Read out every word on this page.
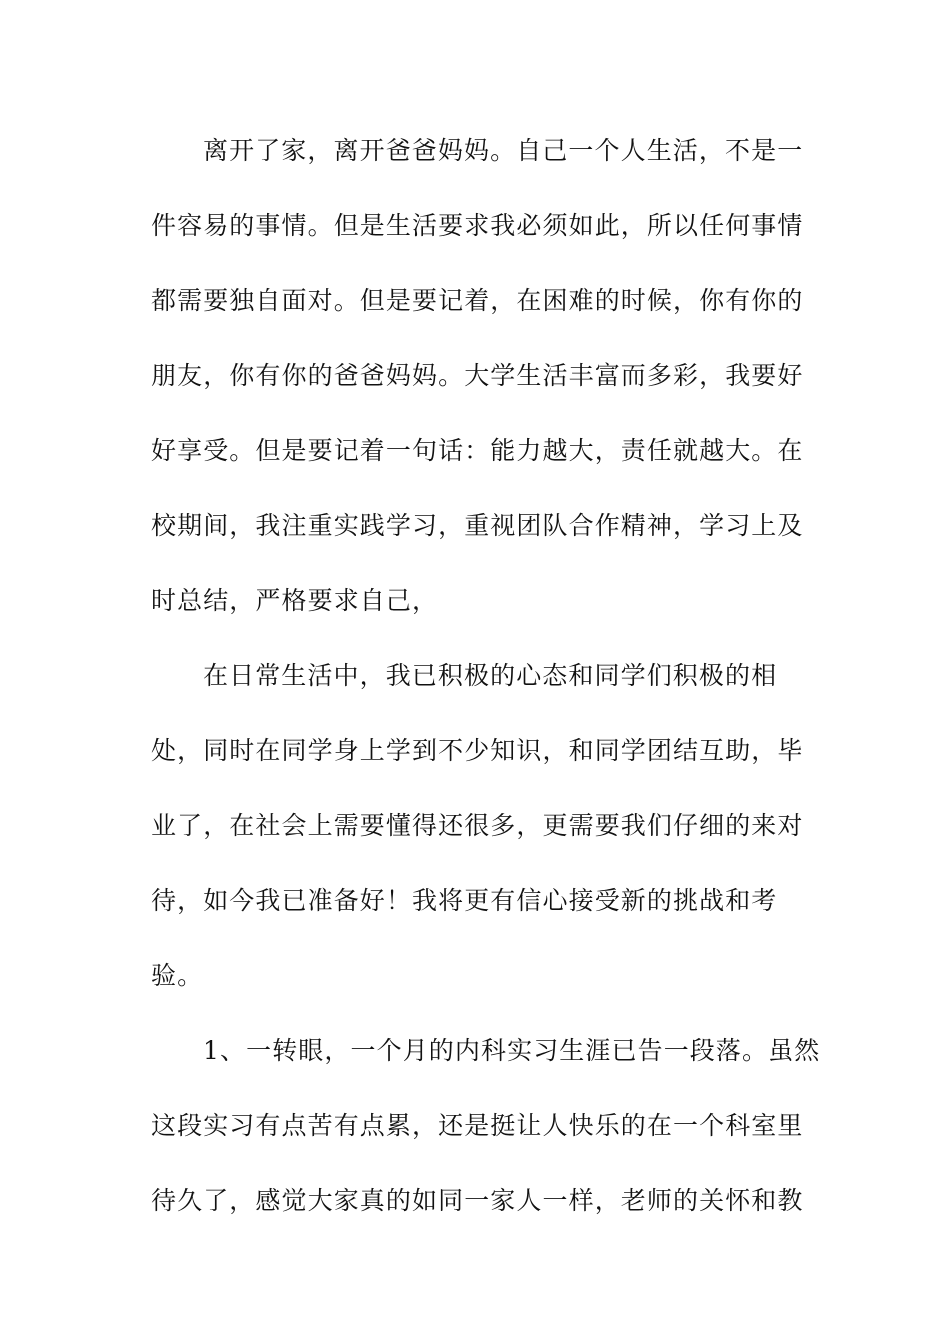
离开了家，离开爸爸妈妈。自己一个人生活，不是一

件容易的事情。但是生活要求我必须如此，所以任何事情

都需要独自面对。但是要记着，在困难的时候，你有你的

朋友，你有你的爸爸妈妈。大学生活丰富而多彩，我要好

好享受。但是要记着一句话：能力越大，责任就越大。在

校期间，我注重实践学习，重视团队合作精神，学习上及

时总结，严格要求自己，

在日常生活中，我已积极的心态和同学们积极的相

处，同时在同学身上学到不少知识，和同学团结互助，毕

业了，在社会上需要懂得还很多，更需要我们仔细的来对

待，如今我已准备好！我将更有信心接受新的挑战和考

验。

1、一转眼，一个月的内科实习生涯已告一段落。虽然

这段实习有点苦有点累，还是挺让人快乐的在一个科室里

待久了，感觉大家真的如同一家人一样，老师的关怀和教
